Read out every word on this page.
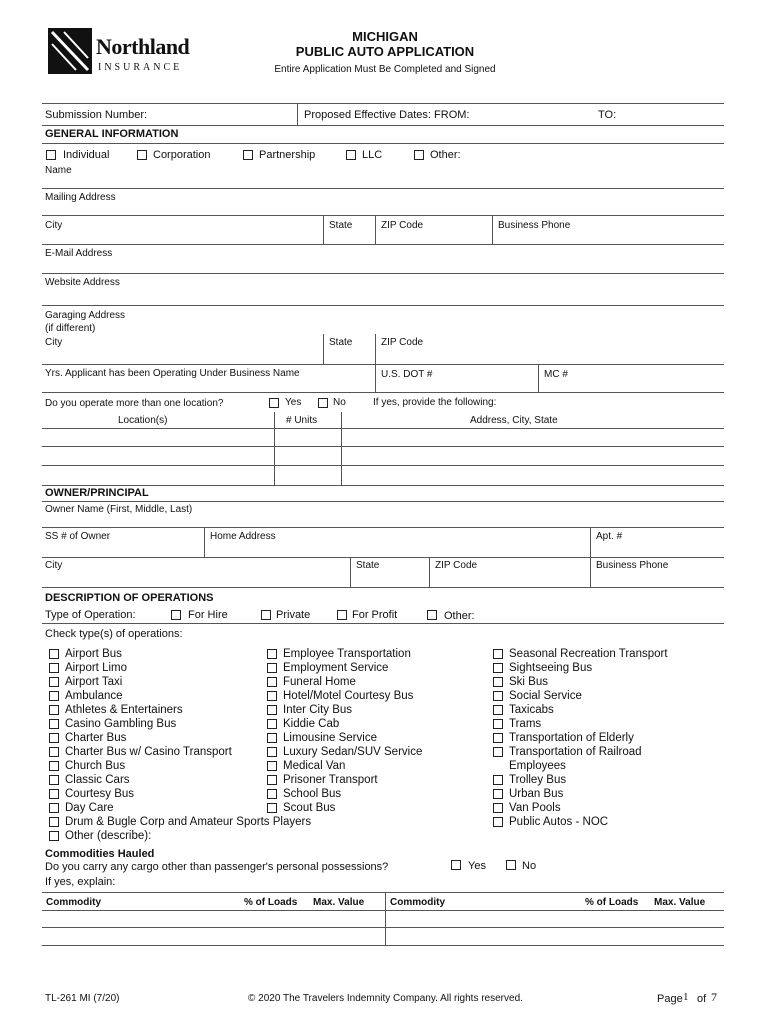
Northland
INSURANCE
MICHIGAN
PUBLIC AUTO APPLICATION
Entire Application Must Be Completed and Signed
Submission Number:	Proposed Effective Dates: FROM:	TO:
GENERAL INFORMATION
Individual	Corporation	Partnership	LLC	Other:
Name
Mailing Address
City	State	ZIP Code	Business Phone
E-Mail Address
Website Address
Garaging Address
(if different)
City	State	ZIP Code
Yrs. Applicant has been Operating Under Business Name	U.S. DOT #	MC #
Do you operate more than one location?	Yes	No	If yes, provide the following:
Location(s)	# Units	Address, City, State
OWNER/PRINCIPAL
Owner Name (First, Middle, Last)
SS # of Owner	Home Address	Apt. #
City	State	ZIP Code	Business Phone
DESCRIPTION OF OPERATIONS
Type of Operation:	For Hire	Private	For Profit	Other:
Check type(s) of operations:
Airport Bus
Airport Limo
Airport Taxi
Ambulance
Athletes & Entertainers
Casino Gambling Bus
Charter Bus
Charter Bus w/ Casino Transport
Church Bus
Classic Cars
Courtesy Bus
Day Care
Drum & Bugle Corp and Amateur Sports Players
Other (describe):
Employee Transportation
Employment Service
Funeral Home
Hotel/Motel Courtesy Bus
Inter City Bus
Kiddie Cab
Limousine Service
Luxury Sedan/SUV Service
Medical Van
Prisoner Transport
School Bus
Scout Bus
Seasonal Recreation Transport
Sightseeing Bus
Ski Bus
Social Service
Taxicabs
Trams
Transportation of Elderly
Transportation of Railroad
Employees
Trolley Bus
Urban Bus
Van Pools
Public Autos - NOC
Commodities Hauled
Do you carry any cargo other than passenger's personal possessions?	Yes	No
If yes, explain:
Commodity	% of Loads Max. Value	Commodity	% of Loads Max. Value
TL-261 MI (7/20)	© 2020 The Travelers Indemnity Company. All rights reserved.	Page 1 of 7
